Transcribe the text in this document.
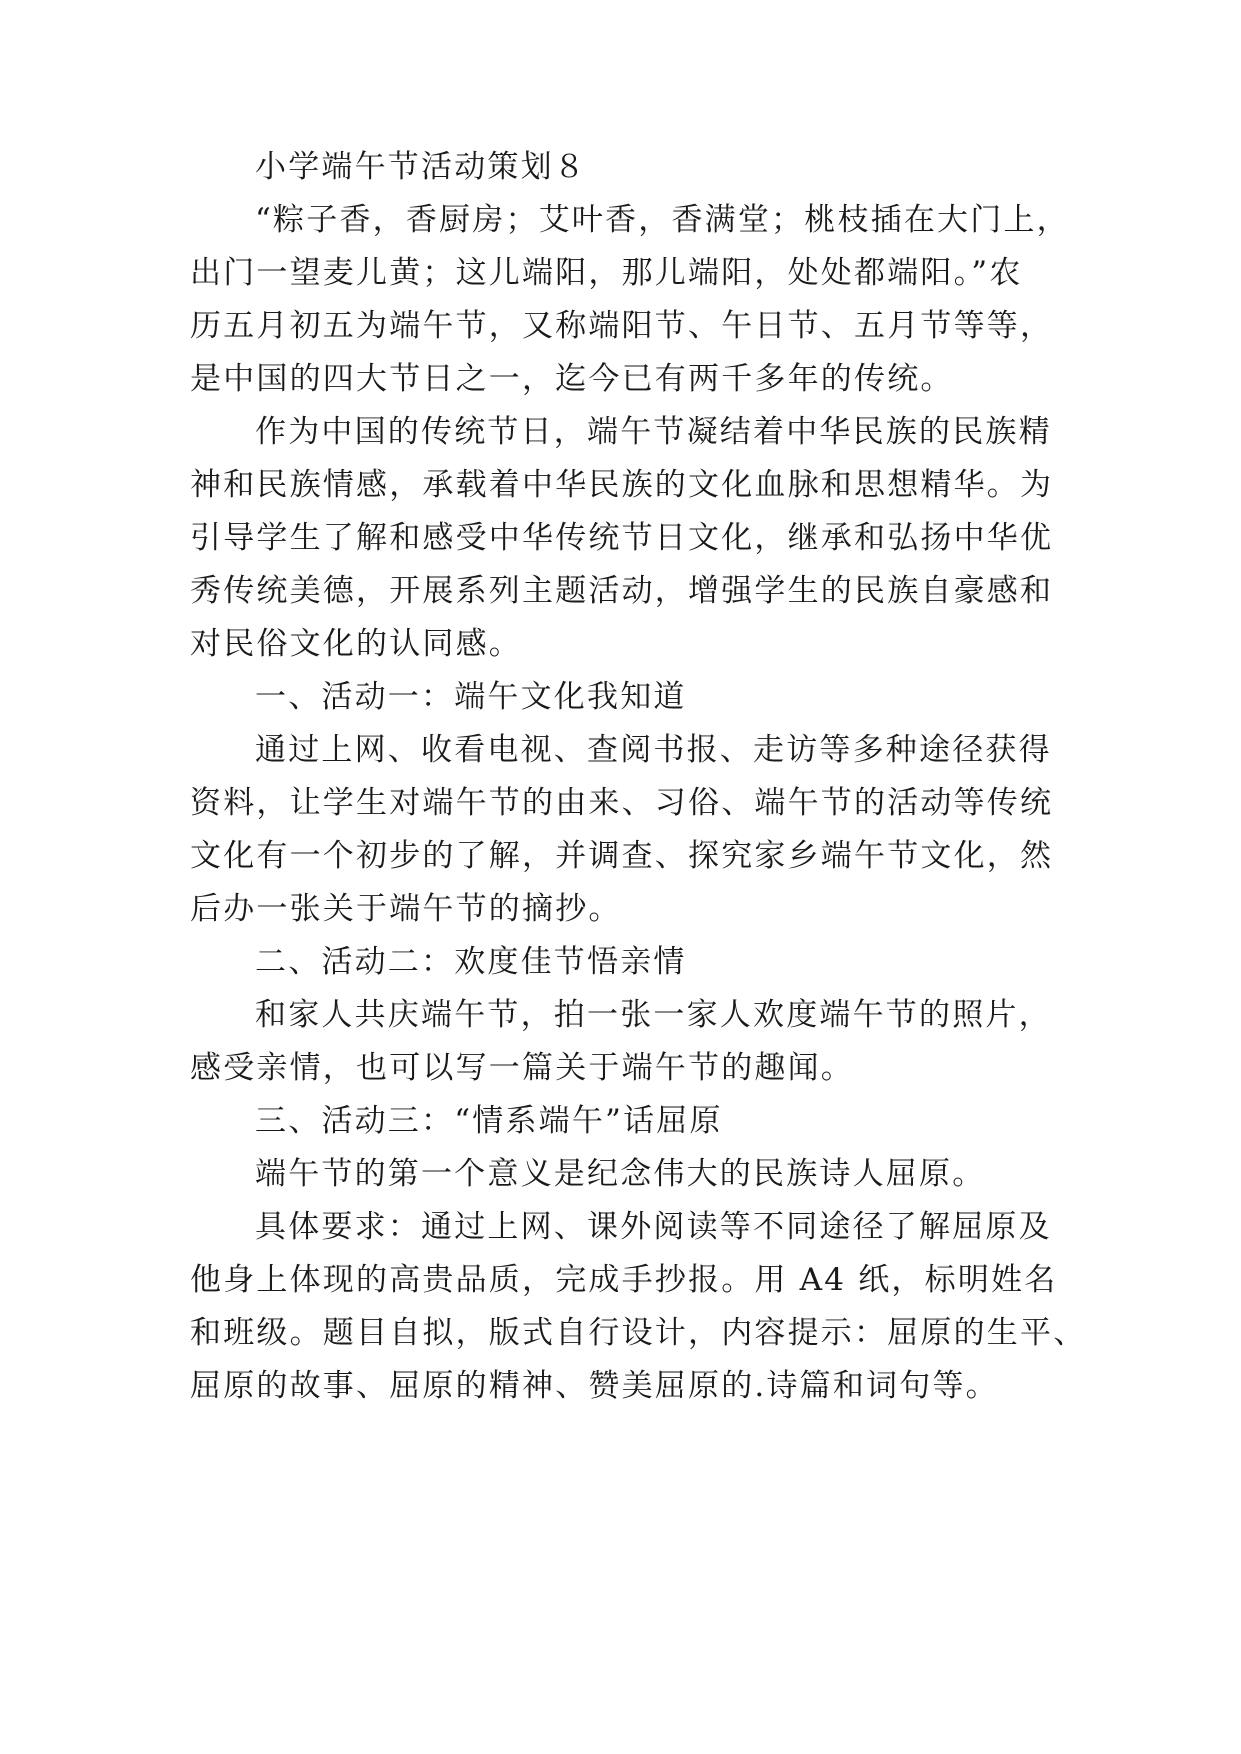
小学端午节活动策划８
“粽子香，香厨房；艾叶香，香满堂；桃枝插在大门上，
出门一望麦儿黄；这儿端阳，那儿端阳，处处都端阳。”农
历五月初五为端午节，又称端阳节、午日节、五月节等等，
是中国的四大节日之一，迄今已有两千多年的传统。
作为中国的传统节日，端午节凝结着中华民族的民族精
神和民族情感，承载着中华民族的文化血脉和思想精华。为
引导学生了解和感受中华传统节日文化，继承和弘扬中华优
秀传统美德，开展系列主题活动，增强学生的民族自豪感和
对民俗文化的认同感。
一、活动一：端午文化我知道
通过上网、收看电视、查阅书报、走访等多种途径获得
资料，让学生对端午节的由来、习俗、端午节的活动等传统
文化有一个初步的了解，并调查、探究家乡端午节文化，然
后办一张关于端午节的摘抄。
二、活动二：欢度佳节悟亲情
和家人共庆端午节，拍一张一家人欢度端午节的照片，
感受亲情，也可以写一篇关于端午节的趣闻。
三、活动三：“情系端午”话屈原
端午节的第一个意义是纪念伟大的民族诗人屈原。
具体要求：通过上网、课外阅读等不同途径了解屈原及
他身上体现的高贵品质，完成手抄报。用 A4 纸，标明姓名
和班级。题目自拟，版式自行设计，内容提示：屈原的生平、
屈原的故事、屈原的精神、赞美屈原的.诗篇和词句等。
